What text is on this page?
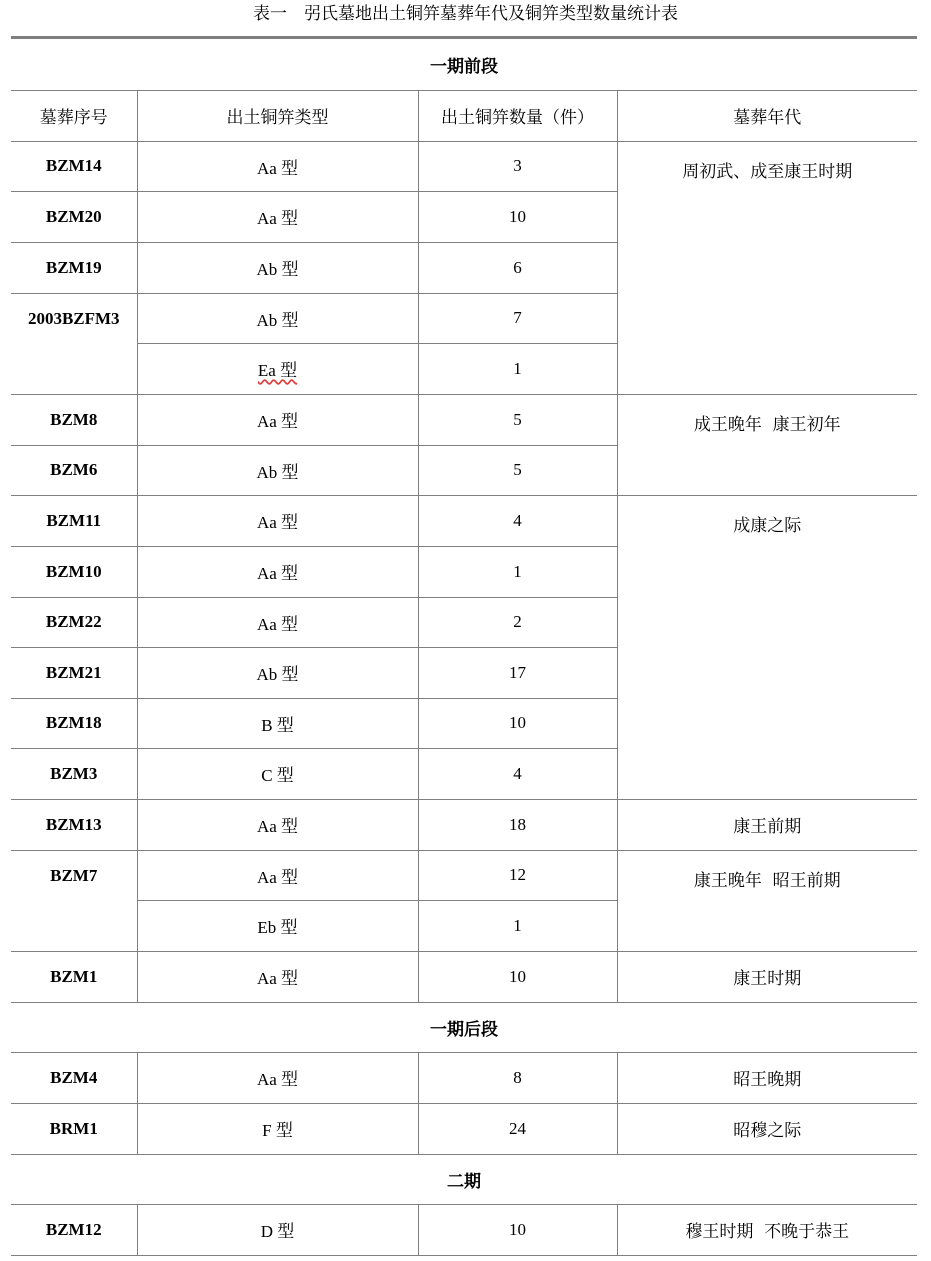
表一　弜氏墓地出土铜笄墓葬年代及铜笄类型数量统计表
一期前段			
墓葬序号	出土铜笄类型	出土铜笄数量（件）	墓葬年代
BZM14	Aa 型	3	周初武、成至康王时期
BZM20	Aa 型	10	
BZM19	Ab 型	6	
2003BZFM3	Ab 型	7	
	Ea 型	1	
BZM8	Aa 型	5	成王晚年  康王初年
BZM6	Ab 型	5	
BZM11	Aa 型	4	成康之际
BZM10	Aa 型	1	
BZM22	Aa 型	2	
BZM21	Ab 型	17	
BZM18	B 型	10	
BZM3	C 型	4	
BZM13	Aa 型	18	康王前期
BZM7	Aa 型	12	康王晚年  昭王前期
	Eb 型	1	
BZM1	Aa 型	10	康王时期
一期后段			
BZM4	Aa 型	8	昭王晚期
BRM1	F 型	24	昭穆之际
二期			
BZM12	D 型	10	穆王时期  不晚于恭王
